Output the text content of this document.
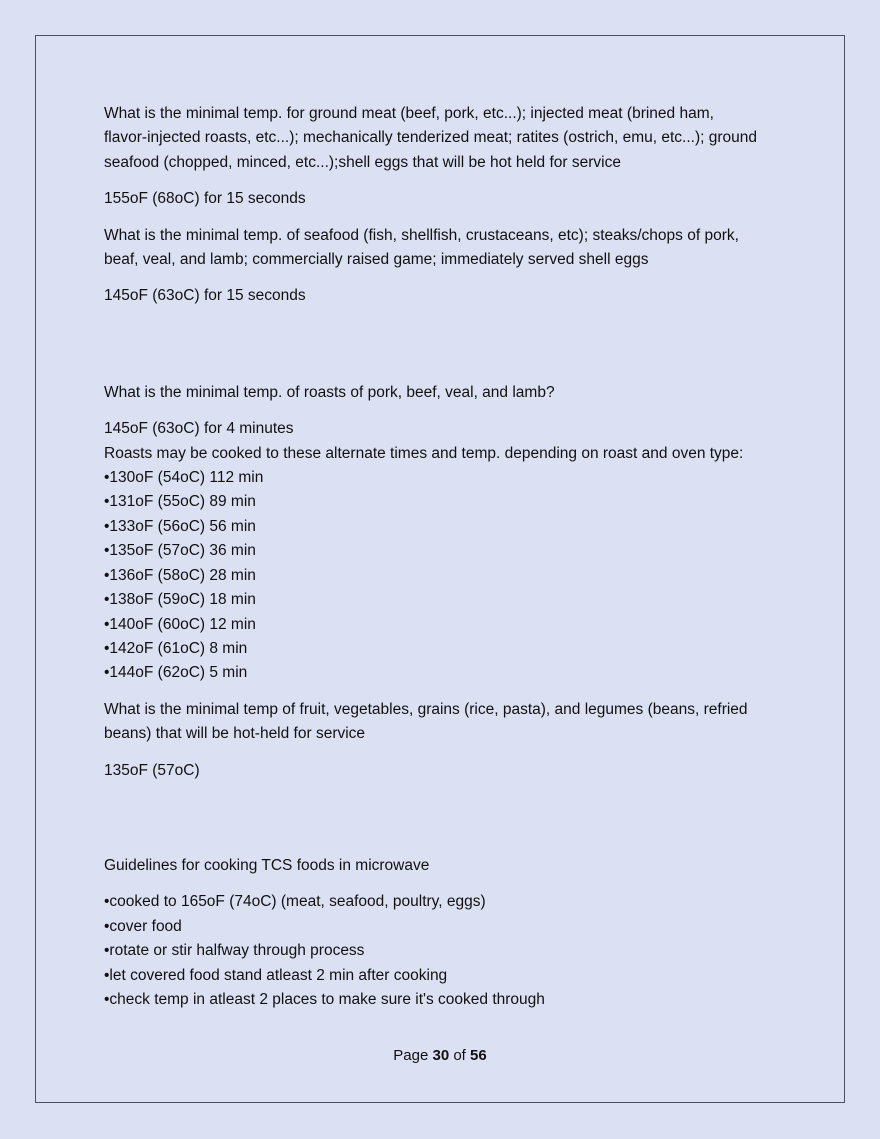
What is the minimal temp. for ground meat (beef, pork, etc...); injected meat (brined ham,
flavor-injected roasts, etc...); mechanically tenderized meat; ratites (ostrich, emu, etc...); ground
seafood (chopped, minced, etc...);shell eggs that will be hot held for service
155oF (68oC) for 15 seconds
What is the minimal temp. of seafood (fish, shellfish, crustaceans, etc); steaks/chops of pork,
beaf, veal, and lamb; commercially raised game; immediately served shell eggs
145oF (63oC) for 15 seconds
What is the minimal temp. of roasts of pork, beef, veal, and lamb?
145oF (63oC) for 4 minutes
Roasts may be cooked to these alternate times and temp. depending on roast and oven type:
•130oF (54oC) 112 min
•131oF (55oC) 89 min
•133oF (56oC) 56 min
•135oF (57oC) 36 min
•136oF (58oC) 28 min
•138oF (59oC) 18 min
•140oF (60oC) 12 min
•142oF (61oC) 8 min
•144oF (62oC) 5 min
What is the minimal temp of fruit, vegetables, grains (rice, pasta), and legumes (beans, refried
beans) that will be hot-held for service
135oF (57oC)
Guidelines for cooking TCS foods in microwave
•cooked to 165oF (74oC) (meat, seafood, poultry, eggs)
•cover food
•rotate or stir halfway through process
•let covered food stand atleast 2 min after cooking
•check temp in atleast 2 places to make sure it's cooked through
Page 30 of 56
